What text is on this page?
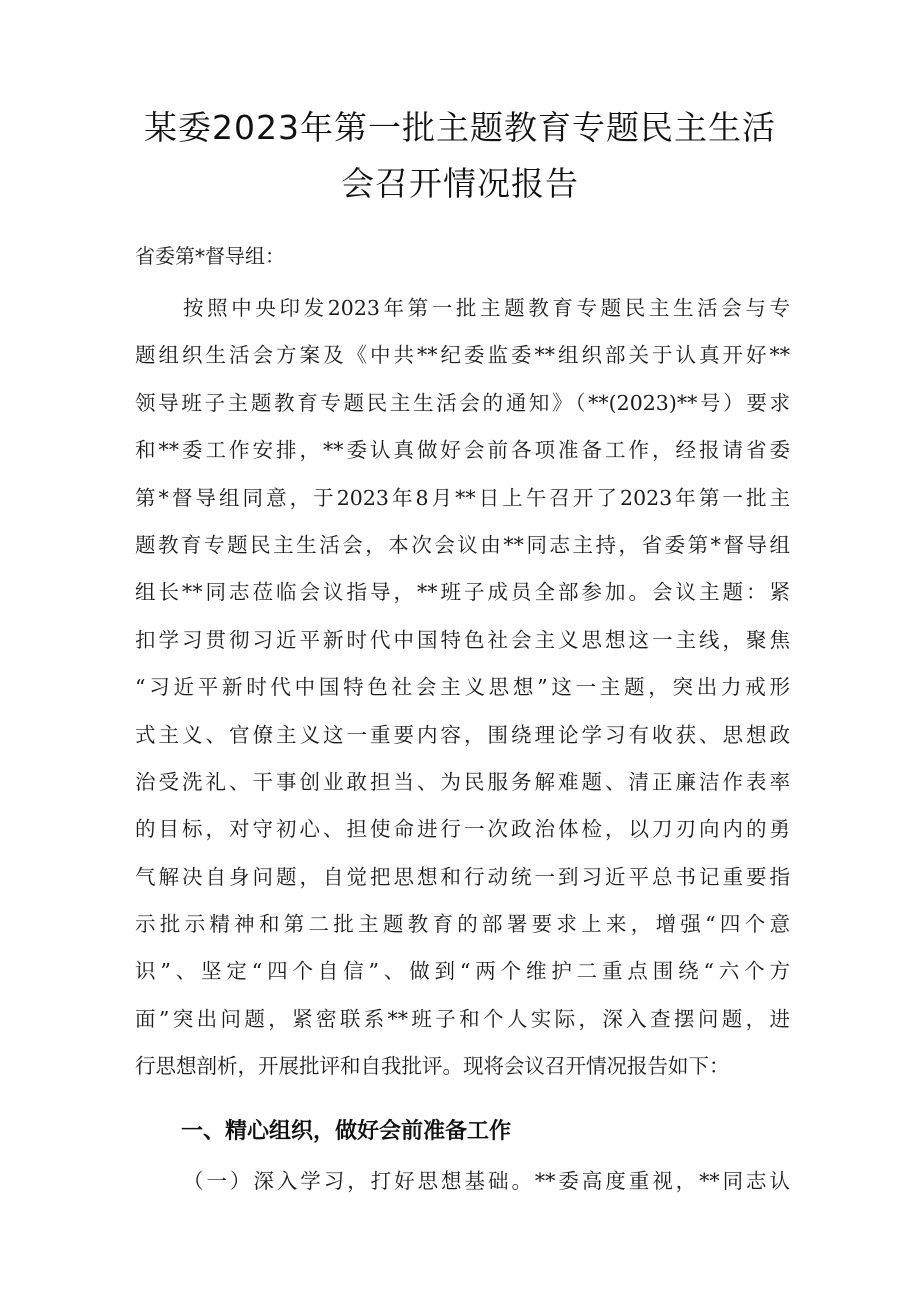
某委2023年第一批主题教育专题民主生活
会召开情况报告
省委第*督导组：
按照中央印发2023年第一批主题教育专题民主生活会与专
题组织生活会方案及《中共**纪委监委**组织部关于认真开好**
领导班子主题教育专题民主生活会的通知》（**(2023)**号）要求
和**委工作安排，**委认真做好会前各项准备工作，经报请省委
第*督导组同意，于2023年8月**日上午召开了2023年第一批主
题教育专题民主生活会，本次会议由**同志主持，省委第*督导组
组长**同志莅临会议指导，**班子成员全部参加。会议主题：紧
扣学习贯彻习近平新时代中国特色社会主义思想这一主线，聚焦
“习近平新时代中国特色社会主义思想”这一主题，突出力戒形
式主义、官僚主义这一重要内容，围绕理论学习有收获、思想政
治受洗礼、干事创业敢担当、为民服务解难题、清正廉洁作表率
的目标，对守初心、担使命进行一次政治体检，以刀刃向内的勇
气解决自身问题，自觉把思想和行动统一到习近平总书记重要指
示批示精神和第二批主题教育的部署要求上来，增强“四个意
识”、坚定“四个自信”、做到“两个维护二重点围绕“六个方
面”突出问题，紧密联系**班子和个人实际，深入查摆问题，进
行思想剖析，开展批评和自我批评。现将会议召开情况报告如下：
一、精心组织，做好会前准备工作
（一）深入学习，打好思想基础。**委高度重视，**同志认
